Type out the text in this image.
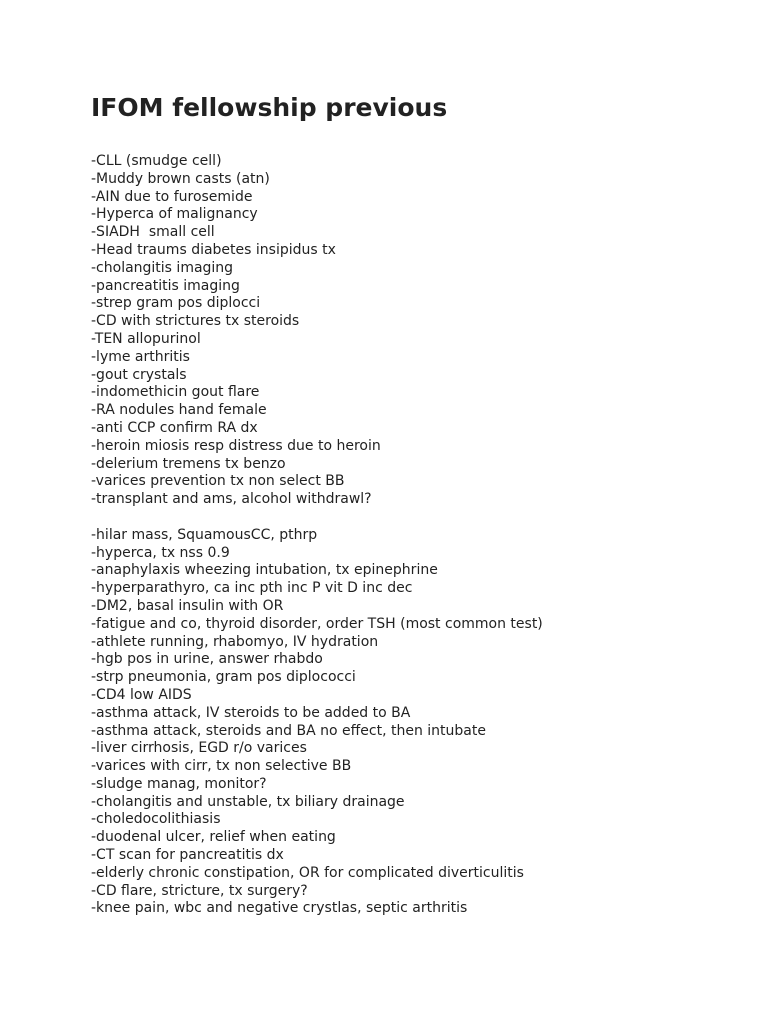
IFOM fellowship previous
-CLL (smudge cell)
-Muddy brown casts (atn)
-AIN due to furosemide
-Hyperca of malignancy
-SIADH  small cell
-Head traums diabetes insipidus tx
-cholangitis imaging
-pancreatitis imaging
-strep gram pos diplocci
-CD with strictures tx steroids
-TEN allopurinol
-lyme arthritis
-gout crystals
-indomethicin gout flare
-RA nodules hand female
-anti CCP confirm RA dx
-heroin miosis resp distress due to heroin
-delerium tremens tx benzo
-varices prevention tx non select BB
-transplant and ams, alcohol withdrawl?
-hilar mass, SquamousCC, pthrp
-hyperca, tx nss 0.9
-anaphylaxis wheezing intubation, tx epinephrine
-hyperparathyro, ca inc pth inc P vit D inc dec
-DM2, basal insulin with OR
-fatigue and co, thyroid disorder, order TSH (most common test)
-athlete running, rhabomyo, IV hydration
-hgb pos in urine, answer rhabdo
-strp pneumonia, gram pos diplococci
-CD4 low AIDS
-asthma attack, IV steroids to be added to BA
-asthma attack, steroids and BA no effect, then intubate
-liver cirrhosis, EGD r/o varices
-varices with cirr, tx non selective BB
-sludge manag, monitor?
-cholangitis and unstable, tx biliary drainage
-choledocolithiasis
-duodenal ulcer, relief when eating
-CT scan for pancreatitis dx
-elderly chronic constipation, OR for complicated diverticulitis
-CD flare, stricture, tx surgery?
-knee pain, wbc and negative crystlas, septic arthritis
